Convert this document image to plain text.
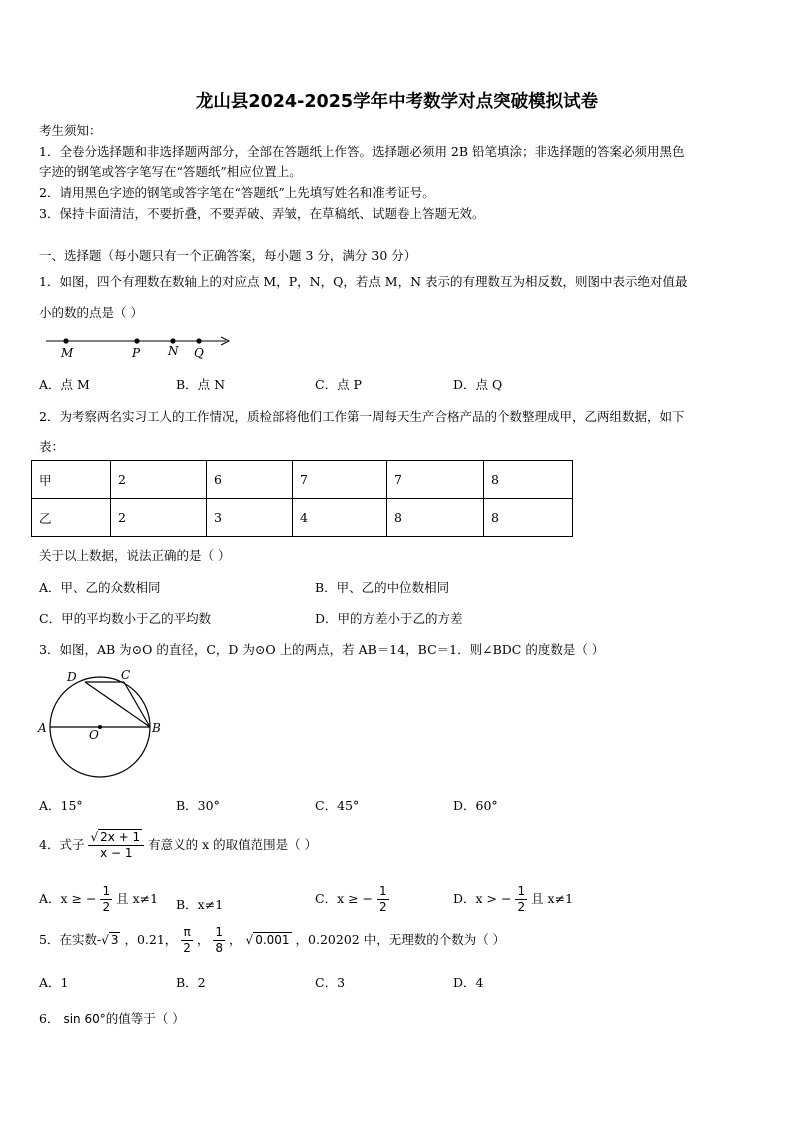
龙山县2024-2025学年中考数学对点突破模拟试卷
考生须知：
1．全卷分选择题和非选择题两部分，全部在答题纸上作答。选择题必须用 2B 铅笔填涂；非选择题的答案必须用黑色
字迹的钢笔或答字笔写在“答题纸”相应位置上。
2．请用黑色字迹的钢笔或答字笔在“答题纸”上先填写姓名和准考证号。
3．保持卡面清洁，不要折叠，不要弄破、弄皱，在草稿纸、试题卷上答题无效。
一、选择题（每小题只有一个正确答案，每小题 3 分，满分 30 分）
1．如图，四个有理数在数轴上的对应点 M，P，N，Q，若点 M，N 表示的有理数互为相反数，则图中表示绝对值最
小的数的点是（ ）
M	P N Q
A．点 M	B．点 N	C．点 P	D．点 Q
2．为考察两名实习工人的工作情况，质检部将他们工作第一周每天生产合格产品的个数整理成甲，乙两组数据，如下
表：
甲	2	6	7	7	8
乙	2	3	4	8	8
关于以上数据，说法正确的是（ ）
A．甲、乙的众数相同	B．甲、乙的中位数相同
C．甲的平均数小于乙的平均数	D．甲的方差小于乙的方差
3．如图，AB 为⊙O 的直径，C，D 为⊙O 上的两点，若 AB＝14，BC＝1．则∠BDC 的度数是（ ）
D	C
A	O	B
A．15°	B．30°	C．45°	D．60°
4．式子 $\frac{√ 2x + 1}{x - 1}$ 有意义的 x 的取值范围是（ ）
A．x ≥ − $\frac{1}{2}$ 且 x≠1 B．x≠1	C．x ≥ − $\frac{1}{2}$	D．x > − $\frac{1}{2}$ 且 x≠1
5．在实数-√ 3 ，0.21， $\frac{\pi}{2}$ ， $\frac{1}{8}$ ， √ 0.001 ，0.20202 中，无理数的个数为（ ）
A．1	B．2	C．3	D．4
6． sin 60°的值等于（ ）
